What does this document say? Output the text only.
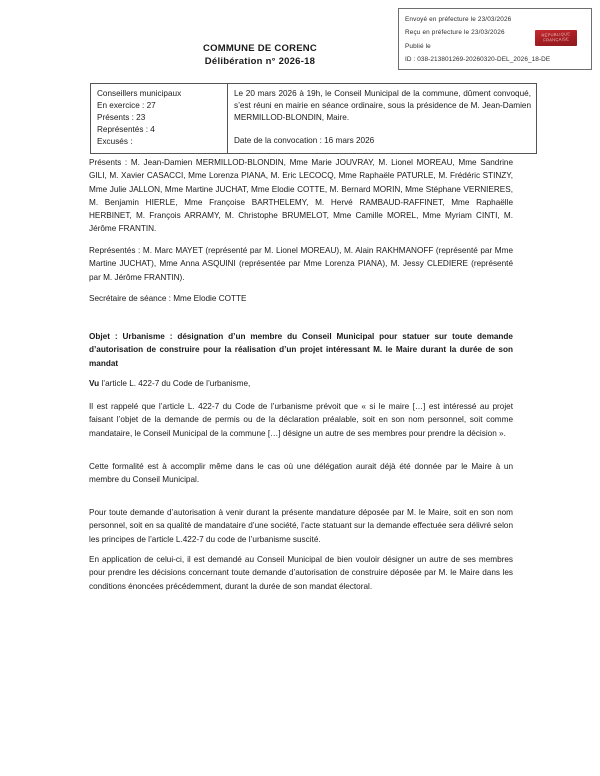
Envoyé en préfecture le 23/03/2026
Reçu en préfecture le 23/03/2026
Publié le
ID : 038-213801269-20260320-DEL_2026_18-DE
RÉPUBLIQUE FRANÇAISE
COMMUNE DE CORENC
Délibération n° 2026-18
Conseillers municipaux
En exercice : 27
Présents : 23
Représentés : 4
Excusés :

Le 20 mars 2026 à 19h, le Conseil Municipal de la commune, dûment convoqué, s’est réuni en mairie en séance ordinaire, sous la présidence de M. Jean-Damien MERMILLOD-BLONDIN, Maire.
Date de la convocation : 16 mars 2026
Présents : M. Jean-Damien MERMILLOD-BLONDIN, Mme Marie JOUVRAY, M. Lionel MOREAU, Mme Sandrine GILI, M. Xavier CASACCI, Mme Lorenza PIANA, M. Eric LECOCQ, Mme Raphaële PATURLE, M. Frédéric STINZY, Mme Julie JALLON, Mme Martine JUCHAT, Mme Elodie COTTE, M. Bernard MORIN, Mme Stéphane VERNIERES, M. Benjamin HIERLE, Mme Françoise BARTHELEMY, M. Hervé RAMBAUD-RAFFINET, Mme Raphaëlle HERBINET, M. François ARRAMY, M. Christophe BRUMELOT, Mme Camille MOREL, Mme Myriam CINTI, M. Jérôme FRANTIN.
Représentés : M. Marc MAYET (représenté par M. Lionel MOREAU), M. Alain RAKHMANOFF (représenté par Mme Martine JUCHAT), Mme Anna ASQUINI (représentée par Mme Lorenza PIANA), M. Jessy CLEDIERE (représenté par M. Jérôme FRANTIN).
Secrétaire de séance : Mme Elodie COTTE
Objet : Urbanisme : désignation d’un membre du Conseil Municipal pour statuer sur toute demande d’autorisation de construire pour la réalisation d’un projet intéressant M. le Maire durant la durée de son mandat
Vu l’article L. 422-7 du Code de l’urbanisme,
Il est rappelé que l’article L. 422-7 du Code de l’urbanisme prévoit que « si le maire […] est intéressé au projet faisant l’objet de la demande de permis ou de la déclaration préalable, soit en son nom personnel, soit comme mandataire, le Conseil Municipal de la commune […] désigne un autre de ses membres pour prendre la décision ».
Cette formalité est à accomplir même dans le cas où une délégation aurait déjà été donnée par le Maire à un membre du Conseil Municipal.
Pour toute demande d’autorisation à venir durant la présente mandature déposée par M. le Maire, soit en son nom personnel, soit en sa qualité de mandataire d’une société, l’acte statuant sur la demande effectuée sera délivré selon les principes de l’article L.422-7 du code de l’urbanisme suscité.
En application de celui-ci, il est demandé au Conseil Municipal de bien vouloir désigner un autre de ses membres pour prendre les décisions concernant toute demande d’autorisation de construire déposée par M. le Maire dans les conditions énoncées précédemment, durant la durée de son mandat électoral.
